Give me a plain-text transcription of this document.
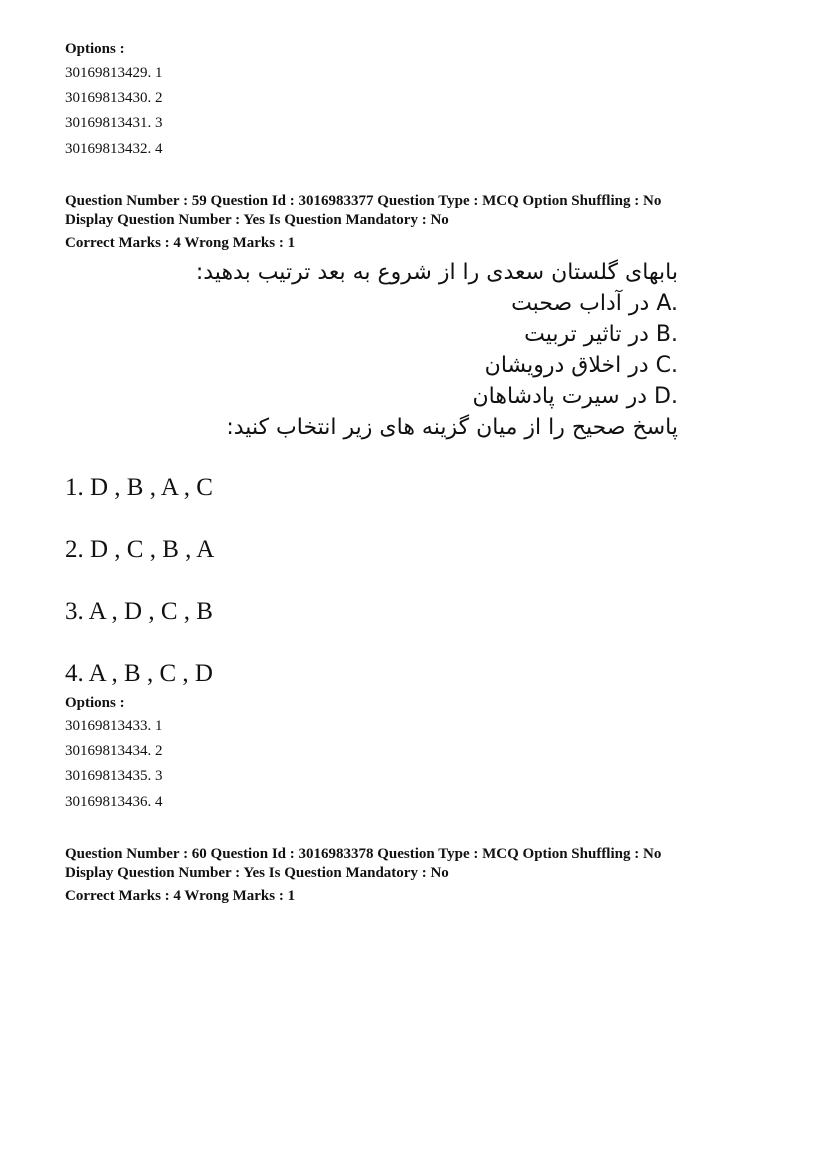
Options :
30169813429. 1
30169813430. 2
30169813431. 3
30169813432. 4
Question Number : 59 Question Id : 3016983377 Question Type : MCQ Option Shuffling : No
Display Question Number : Yes Is Question Mandatory : No
Correct Marks : 4 Wrong Marks : 1
بابهای گلستان سعدی را از شروع به بعد ترتیب بدهید:
A. در آداب صحبت
B. در تاثیر تربیت
C. در اخلاق درویشان
D. در سیرت پادشاهان
پاسخ صحیح را از میان گزینه های زیر انتخاب کنید:
1. D , B , A , C
2. D , C , B , A
3. A , D , C , B
4. A , B , C , D
Options :
30169813433. 1
30169813434. 2
30169813435. 3
30169813436. 4
Question Number : 60 Question Id : 3016983378 Question Type : MCQ Option Shuffling : No
Display Question Number : Yes Is Question Mandatory : No
Correct Marks : 4 Wrong Marks : 1
